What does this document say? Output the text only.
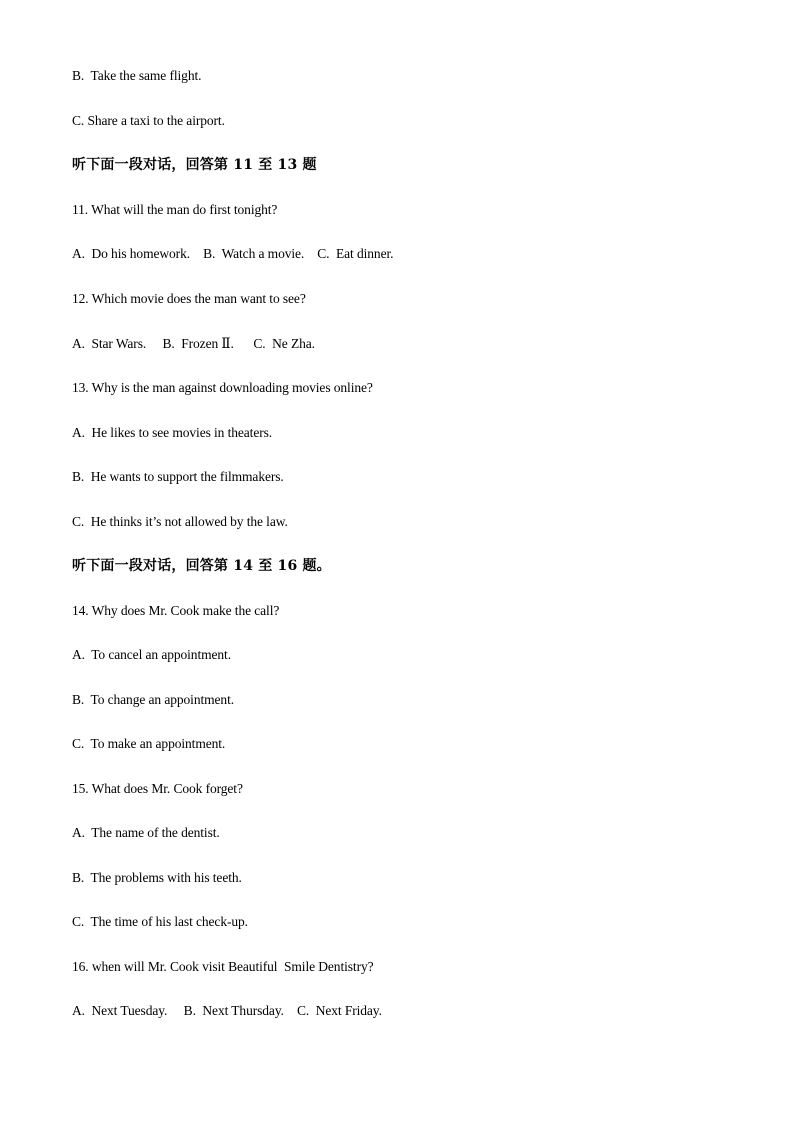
B.  Take the same flight.
C. Share a taxi to the airport.
听下面一段对话，回答第 11 至 13 题
11. What will the man do first tonight?
A.  Do his homework.    B.  Watch a movie.    C.  Eat dinner.
12. Which movie does the man want to see?
A.  Star Wars.     B.  Frozen Ⅱ.      C.  Ne Zha.
13. Why is the man against downloading movies online?
A.  He likes to see movies in theaters.
B.  He wants to support the filmmakers.
C.  He thinks it’s not allowed by the law.
听下面一段对话，回答第 14 至 16 题。
14. Why does Mr. Cook make the call?
A.  To cancel an appointment.
B.  To change an appointment.
C.  To make an appointment.
15. What does Mr. Cook forget?
A.  The name of the dentist.
B.  The problems with his teeth.
C.  The time of his last check-up.
16. when will Mr. Cook visit Beautiful  Smile Dentistry?
A.  Next Tuesday.     B.  Next Thursday.    C.  Next Friday.
